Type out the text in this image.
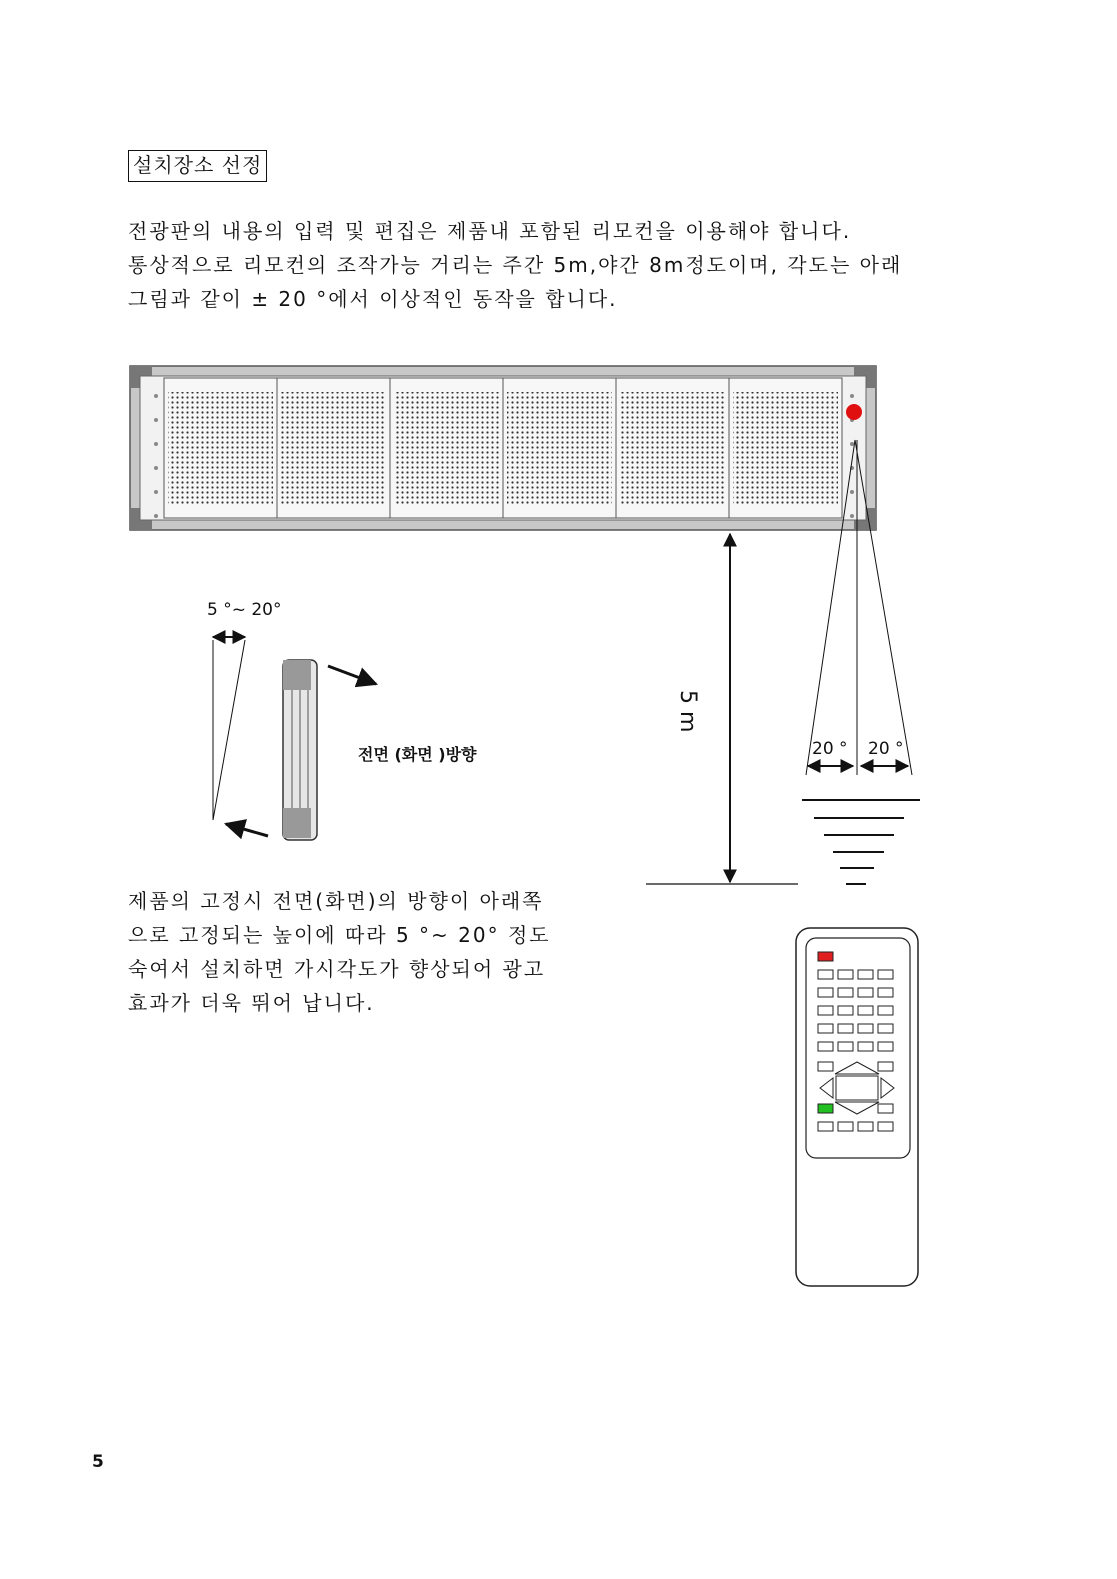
설치장소 선정

전광판의 내용의 입력 및 편집은 제품내 포함된 리모컨을 이용해야 합니다.

통상적으로 리모컨의 조작가능 거리는 주간 5m,야간 8m정도이며, 각도는 아래

그림과 같이 ± 20 °에서 이상적인 동작을 합니다.

제품의 고정시 전면(화면)의 방향이 아래쪽

으로 고정되는 높이에 따라 5 °~ 20° 정도

숙여서 설치하면 가시각도가 향상되어 광고

효과가 더욱 뛰어 납니다.

5 m
20 ° 20 °
5 °~ 20°
전면 (화면 )방향
5
